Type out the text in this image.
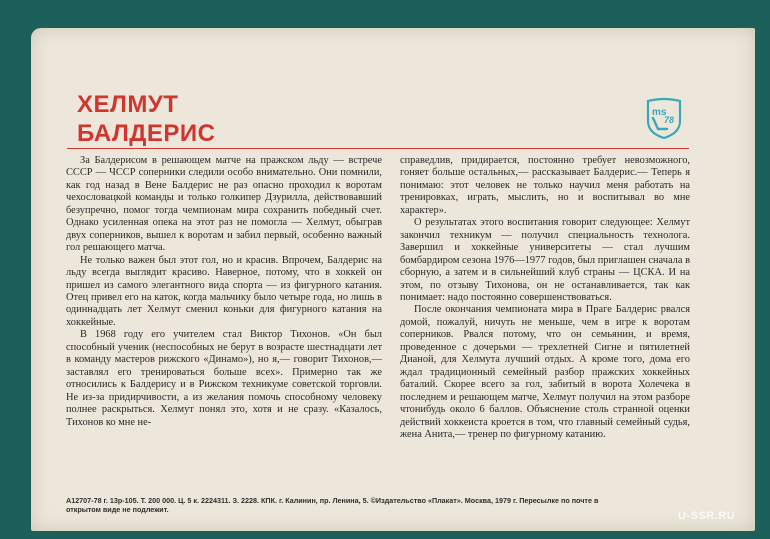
ХЕЛМУТ
БАЛДЕРИС
ms
78

За Балдерисом в решающем матче на пражском льду — встрече СССР — ЧССР соперники следили особо внимательно. Они помнили, как год назад в Вене Балдерис не раз опасно проходил к воротам чехословацкой команды и только голкипер Дзурилла, действовавший безупречно, помог тогда чемпионам мира сохранить победный счет. Однако усиленная опека на этот раз не помогла — Хелмут, обыграв двух соперников, вышел к воротам и забил первый, особенно важный гол решающего матча.

Не только важен был этот гол, но и красив. Впрочем, Балдерис на льду всегда выглядит красиво. Наверное, потому, что в хоккей он пришел из самого элегантного вида спорта — из фигурного катания. Отец привел его на каток, когда мальчику было четыре года, но лишь в одиннадцать лет Хелмут сменил коньки для фигурного катания на хоккейные.

В 1968 году его учителем стал Виктор Тихонов. «Он был способный ученик (неспособных не берут в возрасте шестнадцати лет в команду мастеров рижского «Динамо»), но я,— говорит Тихонов,— заставлял его тренироваться больше всех». Примерно так же относились к Балдерису и в Рижском техникуме советской торговли. Не из-за придирчивости, а из желания помочь способному человеку полнее раскрыться. Хелмут понял это, хотя и не сразу. «Казалось, Тихонов ко мне не-

справедлив, придирается, постоянно требует невозможного, гоняет больше остальных,— рассказывает Балдерис.— Теперь я понимаю: этот человек не только научил меня работать на тренировках, играть, мыслить, но и воспитывал во мне характер».

О результатах этого воспитания говорит следующее: Хелмут закончил техникум — получил специальность технолога. Завершил и хоккейные университеты — стал лучшим бомбардиром сезона 1976—1977 годов, был приглашен сначала в сборную, а затем и в сильнейший клуб страны — ЦСКА. И на этом, по отзыву Тихонова, он не останавливается, так как понимает: надо постоянно совершенствоваться.

После окончания чемпионата мира в Праге Балдерис рвался домой, пожалуй, ничуть не меньше, чем в игре к воротам соперников. Рвался потому, что он семьянин, и время, проведенное с дочерьми — трехлетней Сигне и пятилетней Дианой, для Хелмута лучший отдых. А кроме того, дома его ждал традиционный семейный разбор пражских хоккейных баталий. Скорее всего за гол, забитый в ворота Холечека в последнем и решающем матче, Хелмут получил на этом разборе чтонибудь около 6 баллов. Объяснение столь странной оценки действий хоккеиста кроется в том, что главный семейный судья, жена Анита,— тренер по фигурному катанию.

А12707-78 г. 13р-105. Т. 200 000. Ц. 5 к. 2224311. З. 2228. КПК. г. Калинин, пр. Ленина, 5. ©Издательство «Плакат». Москва, 1979 г. Пересылке по почте в
открытом виде не подлежит.
U-SSR.RU
